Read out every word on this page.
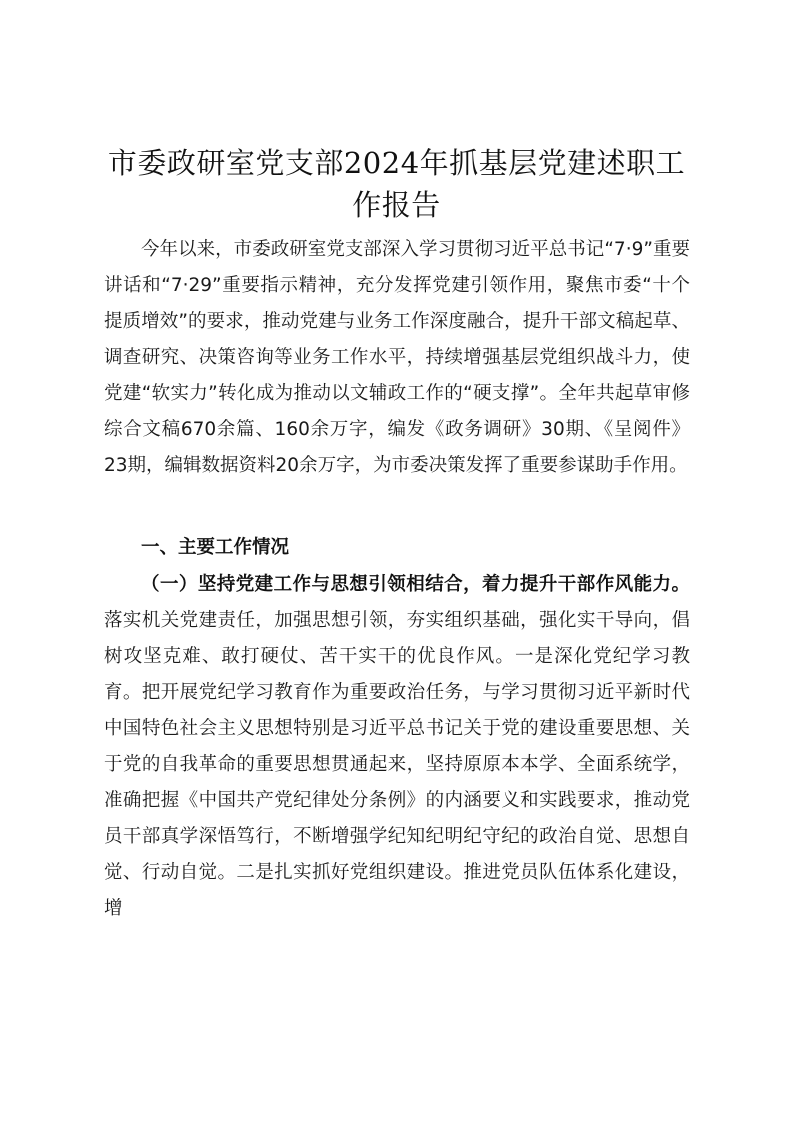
市委政研室党支部2024年抓基层党建述职工
作报告

今年以来，市委政研室党支部深入学习贯彻习近平总书记“7·9”重要讲话和“7·29”重要指示精神，充分发挥党建引领作用，聚焦市委“十个提质增效”的要求，推动党建与业务工作深度融合，提升干部文稿起草、调查研究、决策咨询等业务工作水平，持续增强基层党组织战斗力，使党建“软实力”转化成为推动以文辅政工作的“硬支撑”。全年共起草审修综合文稿670余篇、160余万字，编发《政务调研》30期、《呈阅件》23期，编辑数据资料20余万字，为市委决策发挥了重要参谋助手作用。

一、主要工作情况

（一）坚持党建工作与思想引领相结合，着力提升干部作风能力。落实机关党建责任，加强思想引领，夯实组织基础，强化实干导向，倡树攻坚克难、敢打硬仗、苦干实干的优良作风。一是深化党纪学习教育。把开展党纪学习教育作为重要政治任务，与学习贯彻习近平新时代中国特色社会主义思想特别是习近平总书记关于党的建设重要思想、关于党的自我革命的重要思想贯通起来，坚持原原本本学、全面系统学，准确把握《中国共产党纪律处分条例》的内涵要义和实践要求，推动党员干部真学深悟笃行，不断增强学纪知纪明纪守纪的政治自觉、思想自觉、行动自觉。二是扎实抓好党组织建设。推进党员队伍体系化建设，增
